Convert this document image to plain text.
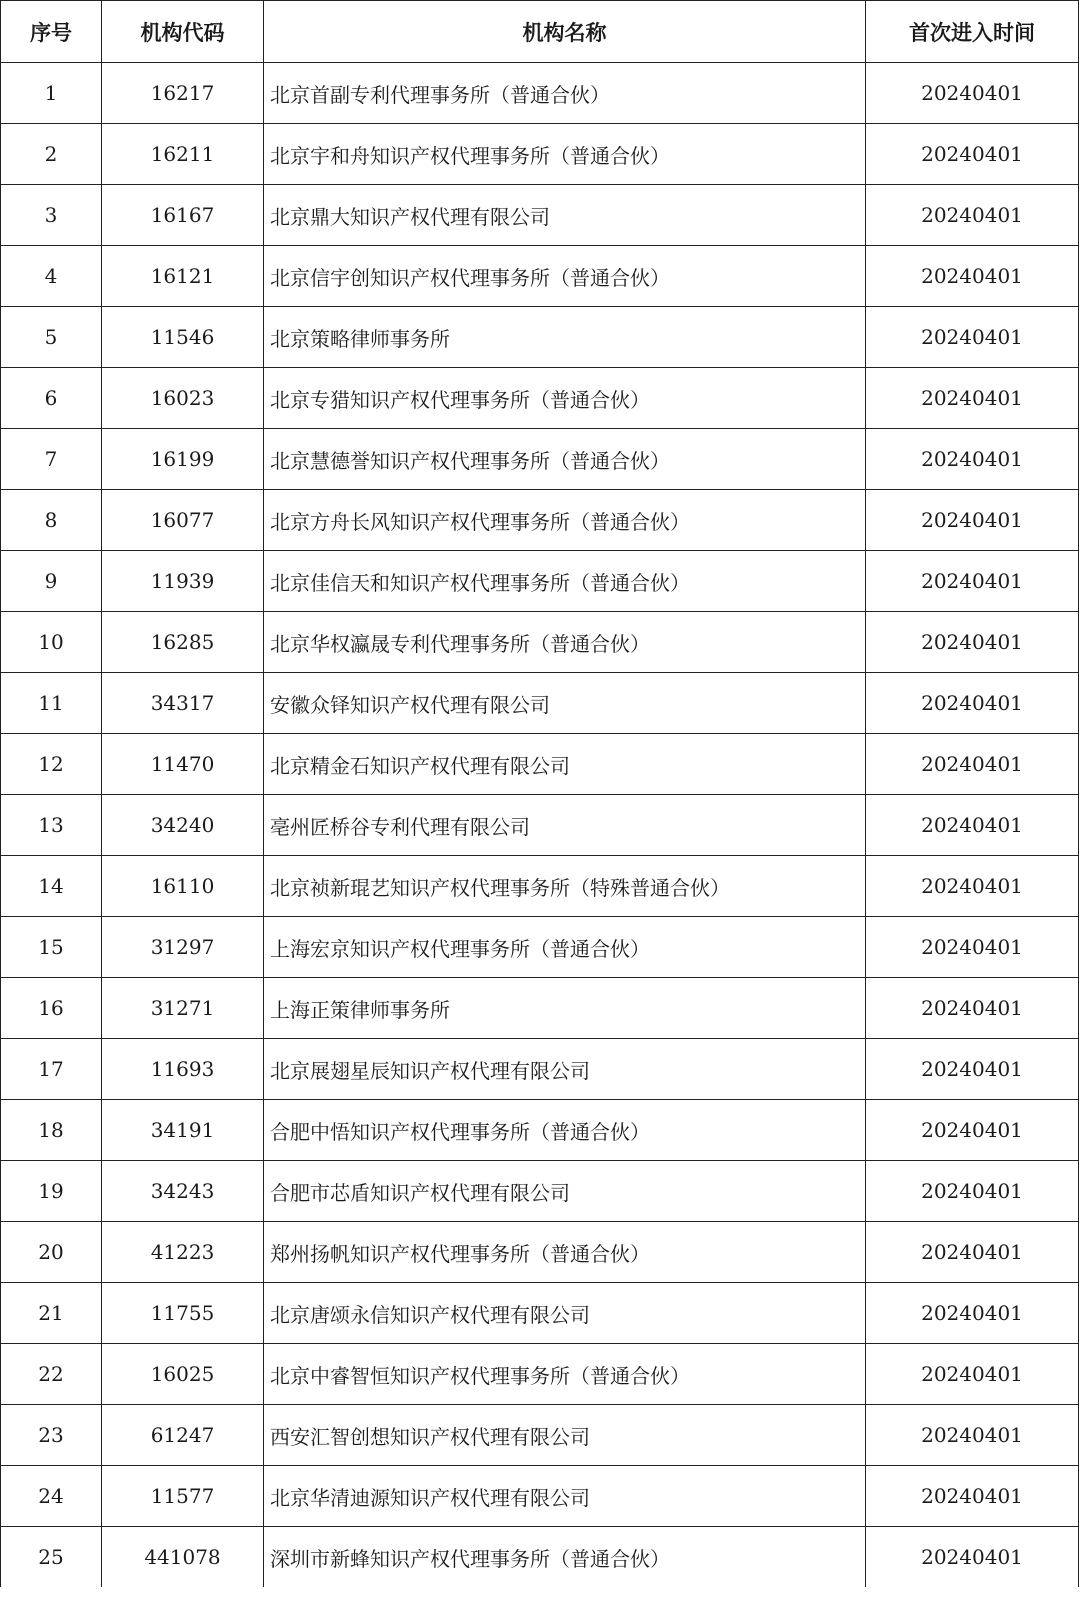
序号	机构代码	机构名称	首次进入时间
1	16217	北京首副专利代理事务所（普通合伙）	20240401
2	16211	北京宇和舟知识产权代理事务所（普通合伙）	20240401
3	16167	北京鼎大知识产权代理有限公司	20240401
4	16121	北京信宇创知识产权代理事务所（普通合伙）	20240401
5	11546	北京策略律师事务所	20240401
6	16023	北京专猎知识产权代理事务所（普通合伙）	20240401
7	16199	北京慧德誉知识产权代理事务所（普通合伙）	20240401
8	16077	北京方舟长风知识产权代理事务所（普通合伙）	20240401
9	11939	北京佳信天和知识产权代理事务所（普通合伙）	20240401
10	16285	北京华权瀛晟专利代理事务所（普通合伙）	20240401
11	34317	安徽众铎知识产权代理有限公司	20240401
12	11470	北京精金石知识产权代理有限公司	20240401
13	34240	亳州匠桥谷专利代理有限公司	20240401
14	16110	北京祯新琨艺知识产权代理事务所（特殊普通合伙）	20240401
15	31297	上海宏京知识产权代理事务所（普通合伙）	20240401
16	31271	上海正策律师事务所	20240401
17	11693	北京展翅星辰知识产权代理有限公司	20240401
18	34191	合肥中悟知识产权代理事务所（普通合伙）	20240401
19	34243	合肥市芯盾知识产权代理有限公司	20240401
20	41223	郑州扬帆知识产权代理事务所（普通合伙）	20240401
21	11755	北京唐颂永信知识产权代理有限公司	20240401
22	16025	北京中睿智恒知识产权代理事务所（普通合伙）	20240401
23	61247	西安汇智创想知识产权代理有限公司	20240401
24	11577	北京华清迪源知识产权代理有限公司	20240401
25	441078	深圳市新蜂知识产权代理事务所（普通合伙）	20240401
